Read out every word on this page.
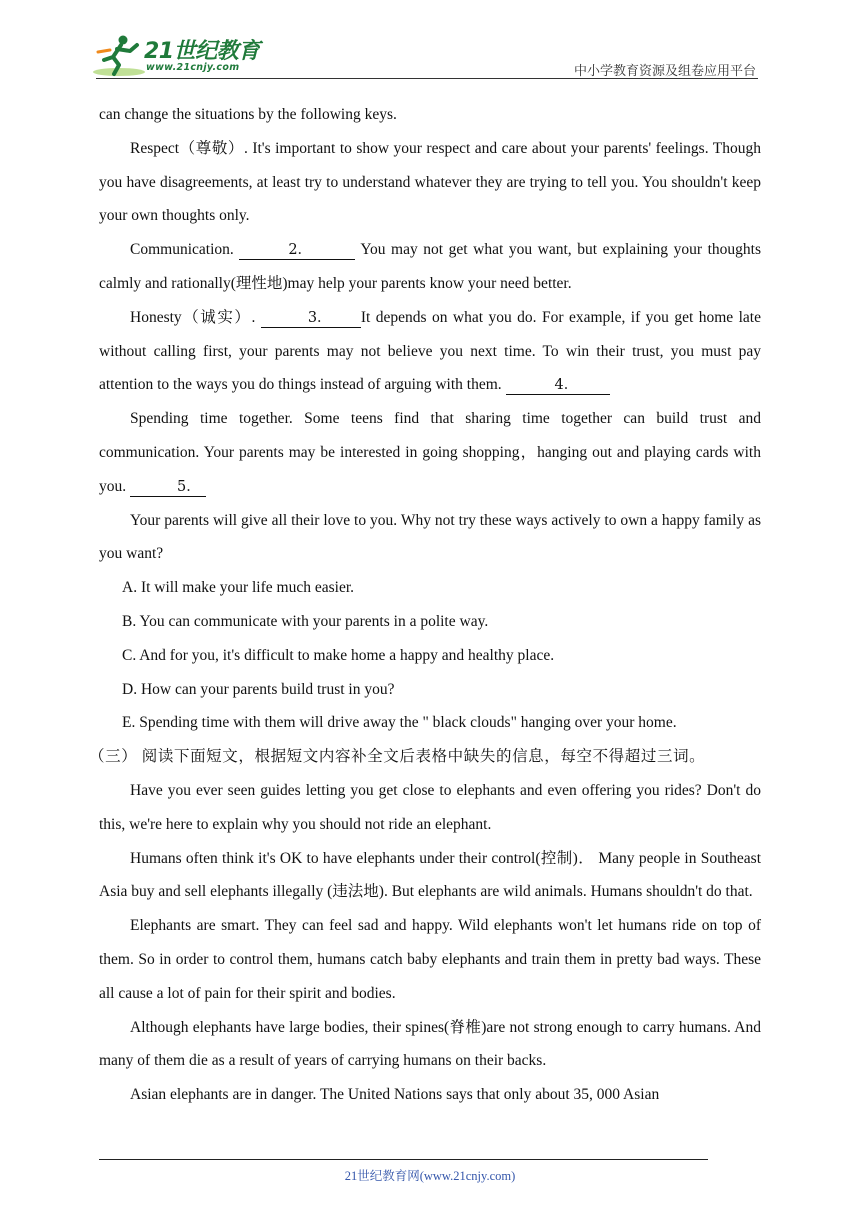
21世纪教育
www.21cnjy.com	中小学教育资源及组卷应用平台

can change the situations by the following keys.

Respect（尊敬）. It's important to show your respect and care about your parents' feelings. Though you have disagreements, at least try to understand whatever they are trying to tell you. You shouldn't keep your own thoughts only.

Communication.	2．	You may not get what you want, but explaining your thoughts calmly and rationally(理性地)may help your parents know your need better.

Honesty（诚实）.	3． It depends on what you do. For example, if you get home late without calling first, your parents may not believe you next time. To win their trust, you must pay attention to the ways you do things instead of arguing with them.	4．

Spending time together. Some teens find that sharing time together can build trust and communication. Your parents may be interested in going shopping，hanging out and playing cards with you.	5．

Your parents will give all their love to you. Why not try these ways actively to own a happy family as you want?

A. It will make your life much easier.

B. You can communicate with your parents in a polite way.

C. And for you, it's difficult to make home a happy and healthy place.

D. How can your parents build trust in you?

E. Spending time with them will drive away the " black clouds" hanging over your home.

（三） 阅读下面短文，根据短文内容补全文后表格中缺失的信息，每空不得超过三词。

Have you ever seen guides letting you get close to elephants and even offering you rides? Don't do this, we're here to explain why you should not ride an elephant.

Humans often think it's OK to have elephants under their control(控制)． Many people in Southeast Asia buy and sell elephants illegally (违法地). But elephants are wild animals. Humans shouldn't do that.

Elephants are smart. They can feel sad and happy. Wild elephants won't let humans ride on top of them. So in order to control them, humans catch baby elephants and train them in pretty bad ways. These all cause a lot of pain for their spirit and bodies.

Although elephants have large bodies, their spines(脊椎)are not strong enough to carry humans. And many of them die as a result of years of carrying humans on their backs.

Asian elephants are in danger. The United Nations says that only about 35, 000 Asian

21世纪教育网(www.21cnjy.com)
